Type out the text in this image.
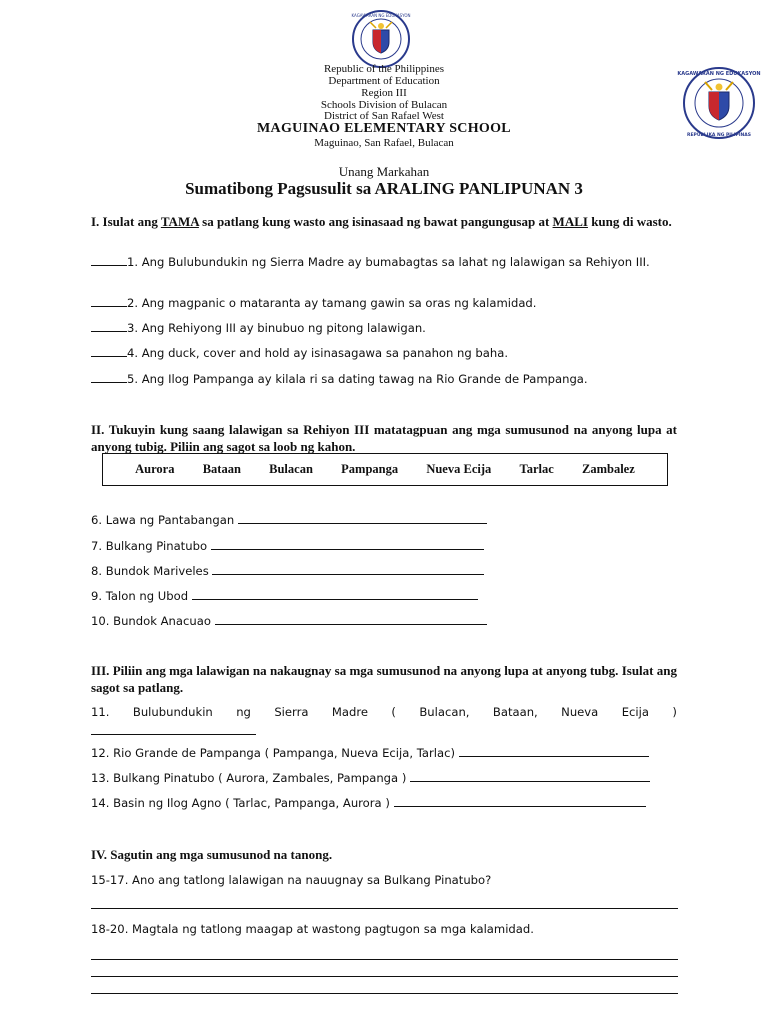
KAGAWARAN NG EDUKASYON
KAGAWARAN NG EDUKASYON
REPUBLIKA NG PILIPINAS
Republic of the Philippines
Department of Education
Region III
Schools Division of Bulacan
District of San Rafael West
MAGUINAO ELEMENTARY SCHOOL
Maguinao, San Rafael, Bulacan
Unang Markahan
Sumatibong Pagsusulit sa ARALING PANLIPUNAN 3
I. Isulat ang TAMA sa patlang kung wasto ang isinasaad ng bawat pangungusap at MALI kung di wasto.
1. Ang Bulubundukin ng Sierra Madre ay bumabagtas sa lahat ng lalawigan sa Rehiyon III.
2. Ang magpanic o mataranta ay tamang gawin sa oras ng kalamidad.
3. Ang Rehiyong III ay binubuo ng pitong lalawigan.
4. Ang duck, cover and hold ay isinasagawa sa panahon ng baha.
5. Ang Ilog Pampanga ay kilala ri sa dating tawag na Rio Grande de Pampanga.
II. Tukuyin kung saang lalawigan sa Rehiyon III matatagpuan ang mga sumusunod na anyong lupa at anyong tubig. Piliin ang sagot sa loob ng kahon.
Aurora Bataan Bulacan Pampanga Nueva Ecija Tarlac Zambalez
6. Lawa ng Pantabangan
7. Bulkang Pinatubo
8. Bundok Mariveles
9. Talon ng Ubod
10. Bundok Anacuao
III. Piliin ang mga lalawigan na nakaugnay sa mga sumusunod na anyong lupa at anyong tubg. Isulat ang sagot sa patlang.
11. Bulubundukin ng Sierra Madre ( Bulacan, Bataan, Nueva Ecija )
12. Rio Grande de Pampanga ( Pampanga, Nueva Ecija, Tarlac)
13. Bulkang Pinatubo ( Aurora, Zambales, Pampanga )
14. Basin ng Ilog Agno ( Tarlac, Pampanga, Aurora )
IV. Sagutin ang mga sumusunod na tanong.
15-17. Ano ang tatlong lalawigan na nauugnay sa Bulkang Pinatubo?
18-20. Magtala ng tatlong maagap at wastong pagtugon sa mga kalamidad.
